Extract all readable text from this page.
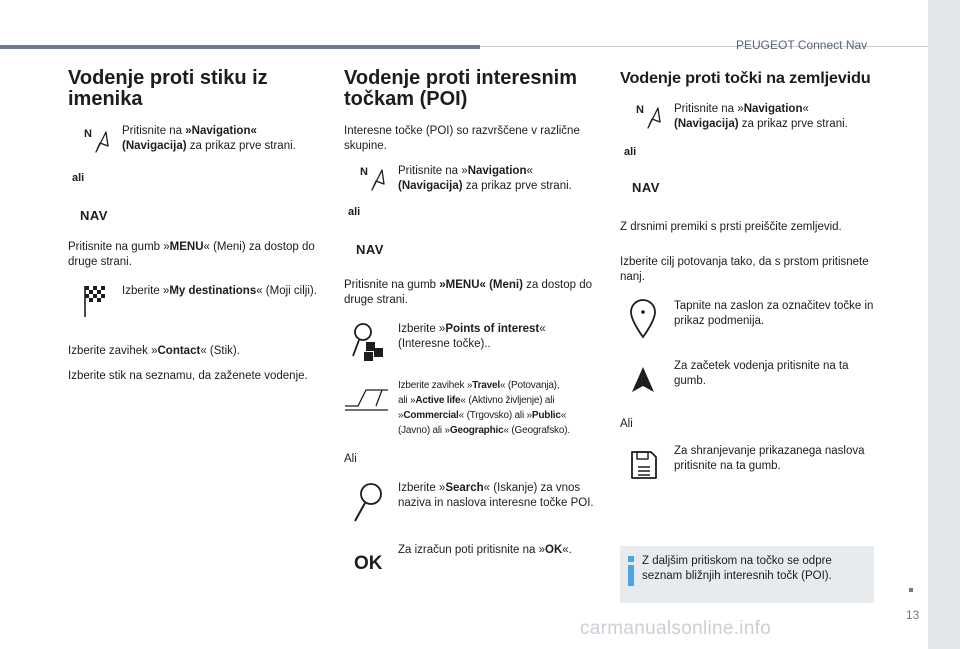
PEUGEOT Connect Nav
Vodenje proti stiku iz imenika
N	Pritisnite na »Navigation« (Navigacija) za prikaz prve strani.
ali
NAV

Pritisnite na gumb »MENU« (Meni) za dostop do druge strani.

Izberite »My destinations« (Moji cilji).

Izberite zavihek »Contact« (Stik).

Izberite stik na seznamu, da zaženete vodenje.

Vodenje proti interesnim točkam (POI)

Interesne točke (POI) so razvrščene v različne skupine.

N	Pritisnite na »Navigation« (Navigacija) za prikaz prve strani.
ali
NAV

Pritisnite na gumb »MENU« (Meni) za dostop do druge strani.

Izberite »Points of interest« (Interesne točke)..
Izberite zavihek »Travel« (Potovanja),
ali »Active life« (Aktivno življenje) ali
»Commercial« (Trgovsko) ali »Public«
(Javno) ali »Geographic« (Geografsko).

Ali

Izberite »Search« (Iskanje) za vnos naziva in naslova interesne točke POI.
OK
Za izračun poti pritisnite na »OK«.
Vodenje proti točki na zemljevidu
N	Pritisnite na »Navigation« (Navigacija) za prikaz prve strani.
ali
NAV

Z drsnimi premiki s prsti preiščite zemljevid.

Izberite cilj potovanja tako, da s prstom pritisnete nanj.

Tapnite na zaslon za označitev točke in prikaz podmenija.
Za začetek vodenja pritisnite na ta gumb.

Ali

Za shranjevanje prikazanega naslova pritisnite na ta gumb.
Z daljšim pritiskom na točko se odpre seznam bližnjih interesnih točk (POI).
13
carmanualsonline.info
